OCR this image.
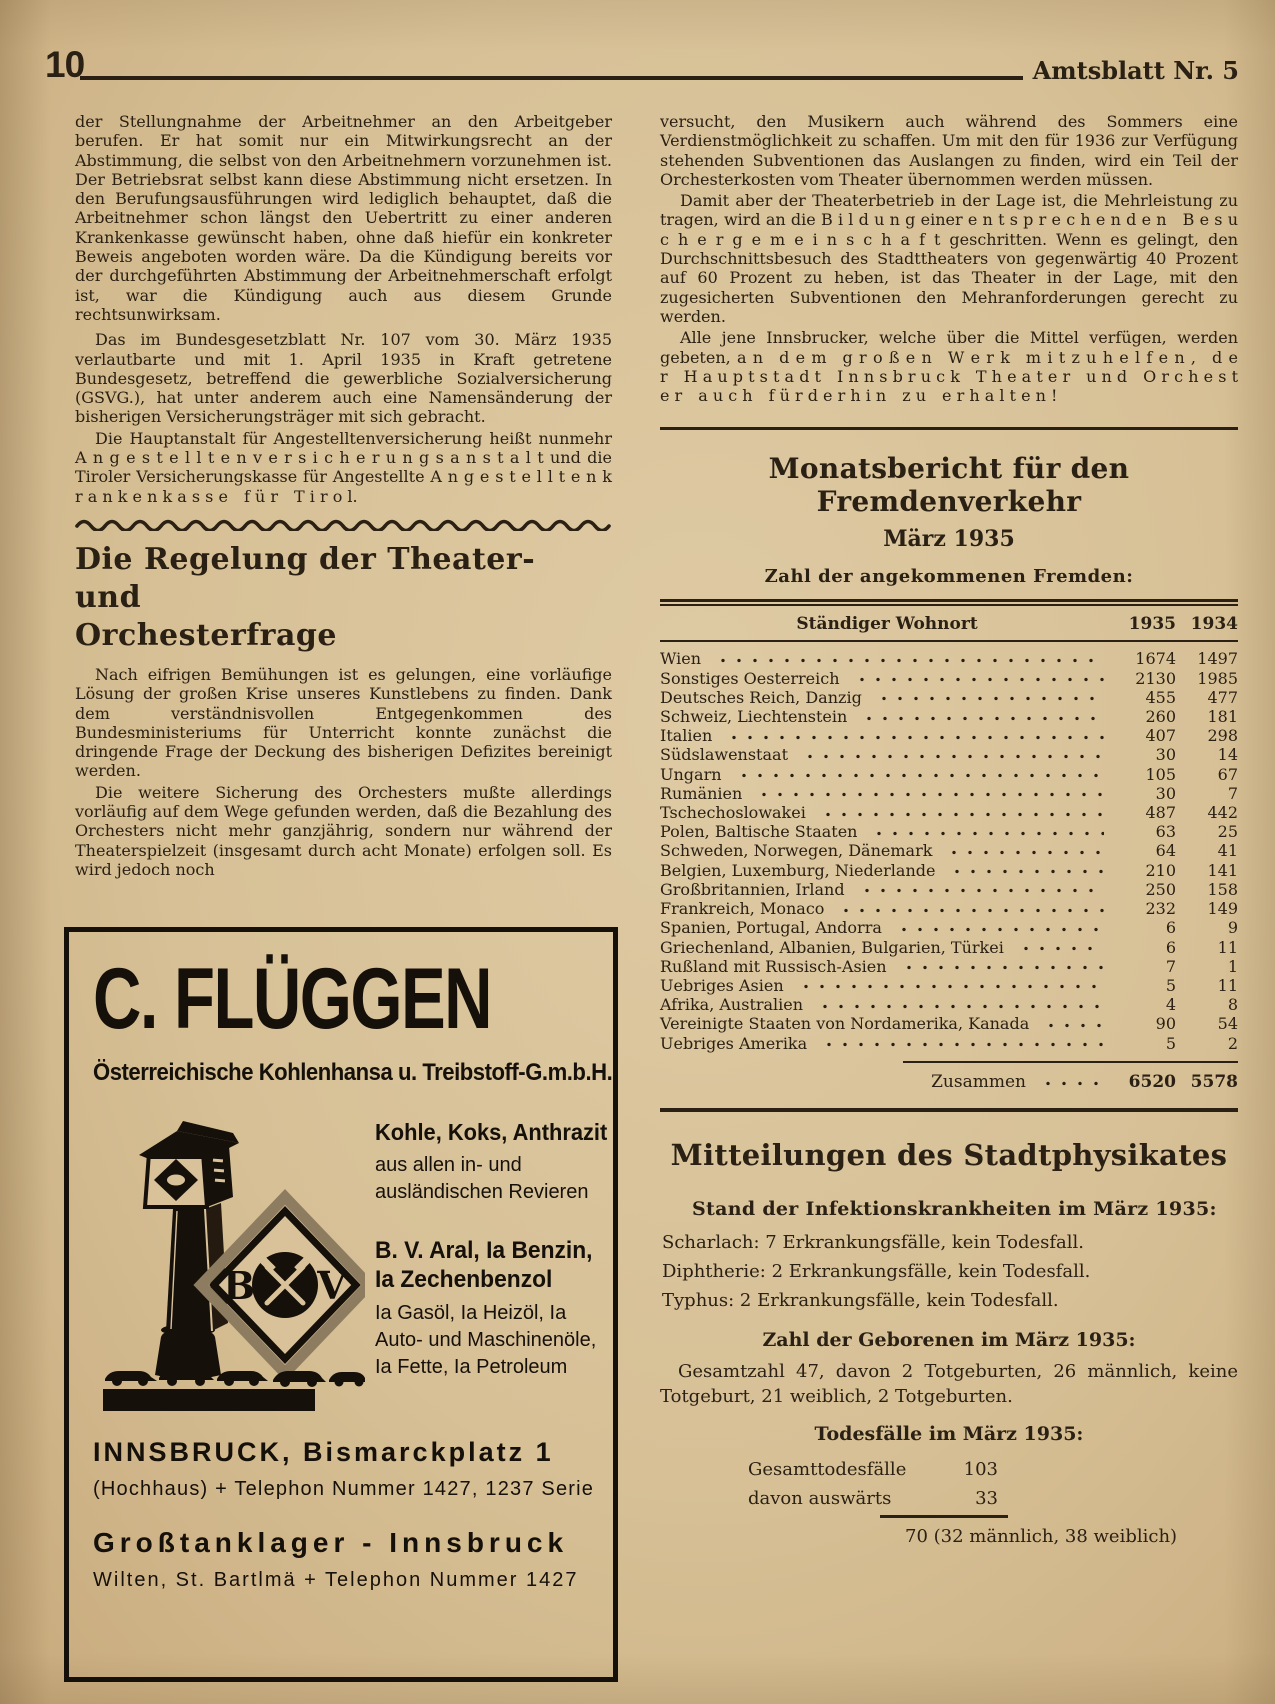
10	Amtsblatt Nr. 5

der Stellungnahme der Arbeitnehmer an den Arbeitgeber berufen. Er hat somit nur ein Mitwirkungsrecht an der Abstimmung, die selbst von den Arbeitnehmern vorzunehmen ist. Der Betriebsrat selbst kann diese Abstimmung nicht ersetzen. In den Berufungsausführungen wird lediglich behauptet, daß die Arbeitnehmer schon längst den Uebertritt zu einer anderen Krankenkasse gewünscht haben, ohne daß hiefür ein konkreter Beweis angeboten worden wäre. Da die Kündigung bereits vor der durchgeführten Abstimmung der Arbeitnehmerschaft erfolgt ist, war die Kündigung auch aus diesem Grunde rechtsunwirksam.

Das im Bundesgesetzblatt Nr. 107 vom 30. März 1935 verlautbarte und mit 1. April 1935 in Kraft getretene Bundesgesetz, betreffend die gewerbliche Sozialversicherung (GSVG.), hat unter anderem auch eine Namensänderung der bisherigen Versicherungsträger mit sich gebracht.

Die Hauptanstalt für Angestelltenversicherung heißt nunmehr A n g e s t e l l t e n v e r s i c h e r u n g s a n s t a l t und die Tiroler Versicherungskasse für Angestellte A n g e s t e l l t e n k r a n k e n k a s s e f ü r T i r o l.

Die Regelung der Theater- und
Orchesterfrage

Nach eifrigen Bemühungen ist es gelungen, eine vorläufige Lösung der großen Krise unseres Kunstlebens zu finden. Dank dem verständnisvollen Entgegenkommen des Bundesministeriums für Unterricht konnte zunächst die dringende Frage der Deckung des bisherigen Defizites bereinigt werden.

Die weitere Sicherung des Orchesters mußte allerdings vorläufig auf dem Wege gefunden werden, daß die Bezahlung des Orchesters nicht mehr ganzjährig, sondern nur während der Theaterspielzeit (insgesamt durch acht Monate) erfolgen soll. Es wird jedoch noch

C. FLÜGGEN
Österreichische Kohlenhansa u. Treibstoff-G.m.b.H.
B V
Kohle, Koks, Anthrazit
aus allen in- und ausländischen Revieren
B. V. Aral, Ia Benzin,
Ia Zechenbenzol
Ia Gasöl, Ia Heizöl, Ia Auto- und Maschinenöle, Ia Fette, Ia Petroleum
INNSBRUCK, Bismarckplatz 1
(Hochhaus) + Telephon Nummer 1427, 1237 Serie
Großtanklager - Innsbruck
Wilten, St. Bartlmä + Telephon Nummer 1427

versucht, den Musikern auch während des Sommers eine Verdienstmöglichkeit zu schaffen. Um mit den für 1936 zur Verfügung stehenden Subventionen das Auslangen zu finden, wird ein Teil der Orchesterkosten vom Theater übernommen werden müssen.

Damit aber der Theaterbetrieb in der Lage ist, die Mehrleistung zu tragen, wird an die B i l d u n g einer e n t s p r e c h e n d e n B e s u c h e r g e m e i n s c h a f t geschritten. Wenn es gelingt, den Durchschnittsbesuch des Stadttheaters von gegenwärtig 40 Prozent auf 60 Prozent zu heben, ist das Theater in der Lage, mit den zugesicherten Subventionen den Mehranforderungen gerecht zu werden.

Alle jene Innsbrucker, welche über die Mittel verfügen, werden gebeten, a n d e m g r o ß e n W e r k m i t z u h e l f e n , d e r H a u p t s t a d t I n n s b r u c k T h e a t e r u n d O r c h e s t e r a u c h f ü r d e r h i n z u e r h a l t e n !

Monatsbericht für den Fremdenverkehr
März 1935
Zahl der angekommenen Fremden:
Ständiger Wohnort	1935 1934
Wien	1674	1497
Sonstiges Oesterreich	2130	1985
Deutsches Reich, Danzig	455	477
Schweiz, Liechtenstein	260	181
Italien	407	298
Südslawenstaat	30	14
Ungarn	105	67
Rumänien	30	7
Tschechoslowakei	487	442
Polen, Baltische Staaten	63	25
Schweden, Norwegen, Dänemark	64	41
Belgien, Luxemburg, Niederlande	210	141
Großbritannien, Irland	250	158
Frankreich, Monaco	232	149
Spanien, Portugal, Andorra	6	9
Griechenland, Albanien, Bulgarien, Türkei	6	11
Rußland mit Russisch-Asien	7	1
Uebriges Asien	5	11
Afrika, Australien	4	8
Vereinigte Staaten von Nordamerika, Kanada	90	54
Uebriges Amerika	5	2
Zusammen	6520 5578
Mitteilungen des Stadtphysikates
Stand der Infektionskrankheiten im März 1935:

Scharlach: 7 Erkrankungsfälle, kein Todesfall.

Diphtherie: 2 Erkrankungsfälle, kein Todesfall.

Typhus: 2 Erkrankungsfälle, kein Todesfall.

Zahl der Geborenen im März 1935:

Gesamtzahl 47, davon 2 Totgeburten, 26 männlich, keine Totgeburt, 21 weiblich, 2 Totgeburten.

Todesfälle im März 1935:
Gesamttodesfälle	103
davon auswärts	33
70 (32 männlich, 38 weiblich)
